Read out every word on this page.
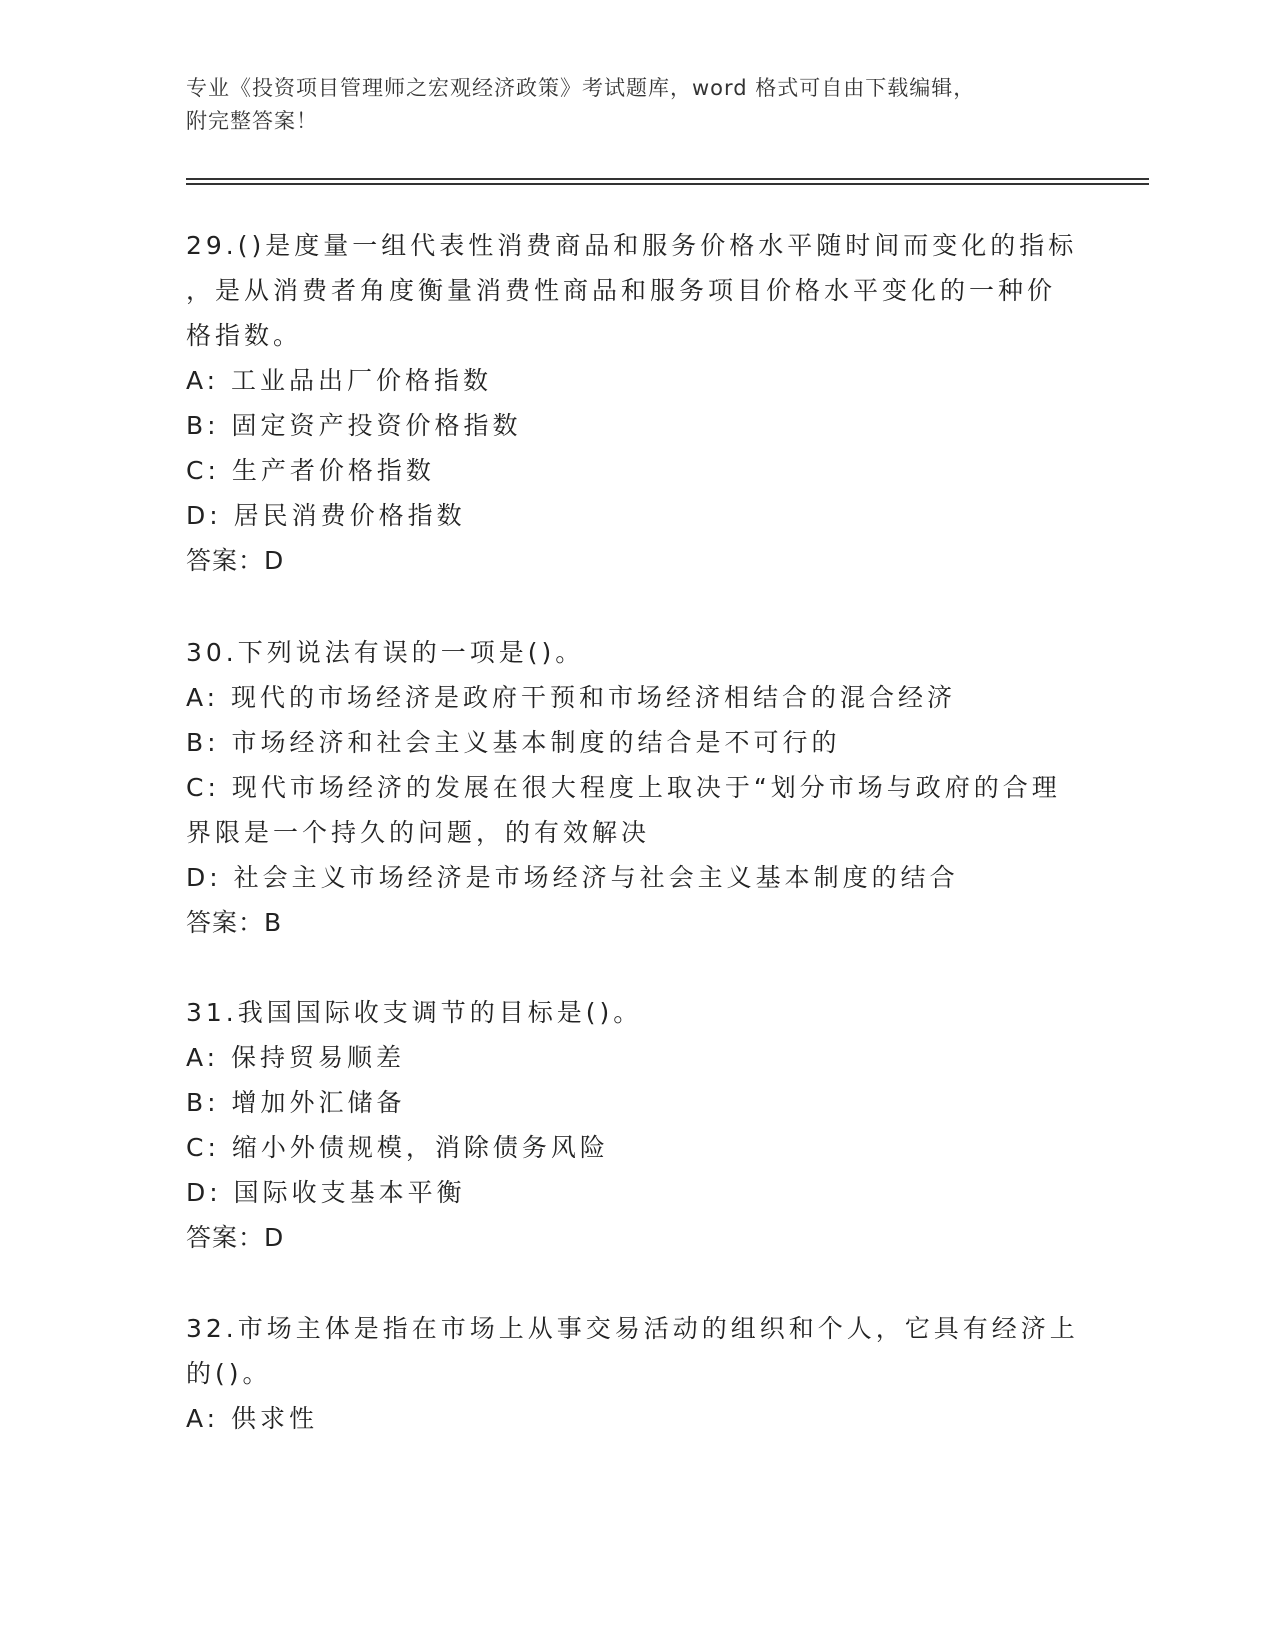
专业《投资项目管理师之宏观经济政策》考试题库，word 格式可自由下载编辑，
附完整答案！
29.()是度量一组代表性消费商品和服务价格水平随时间而变化的指标
，是从消费者角度衡量消费性商品和服务项目价格水平变化的一种价
格指数。
A: 工业品出厂价格指数
B: 固定资产投资价格指数
C: 生产者价格指数
D: 居民消费价格指数
答案：D
30.下列说法有误的一项是()。
A: 现代的市场经济是政府干预和市场经济相结合的混合经济
B: 市场经济和社会主义基本制度的结合是不可行的
C: 现代市场经济的发展在很大程度上取决于“划分市场与政府的合理
界限是一个持久的问题，的有效解决
D: 社会主义市场经济是市场经济与社会主义基本制度的结合
答案：B
31.我国国际收支调节的目标是()。
A: 保持贸易顺差
B: 增加外汇储备
C: 缩小外债规模，消除债务风险
D: 国际收支基本平衡
答案：D
32.市场主体是指在市场上从事交易活动的组织和个人，它具有经济上
的()。
A: 供求性
